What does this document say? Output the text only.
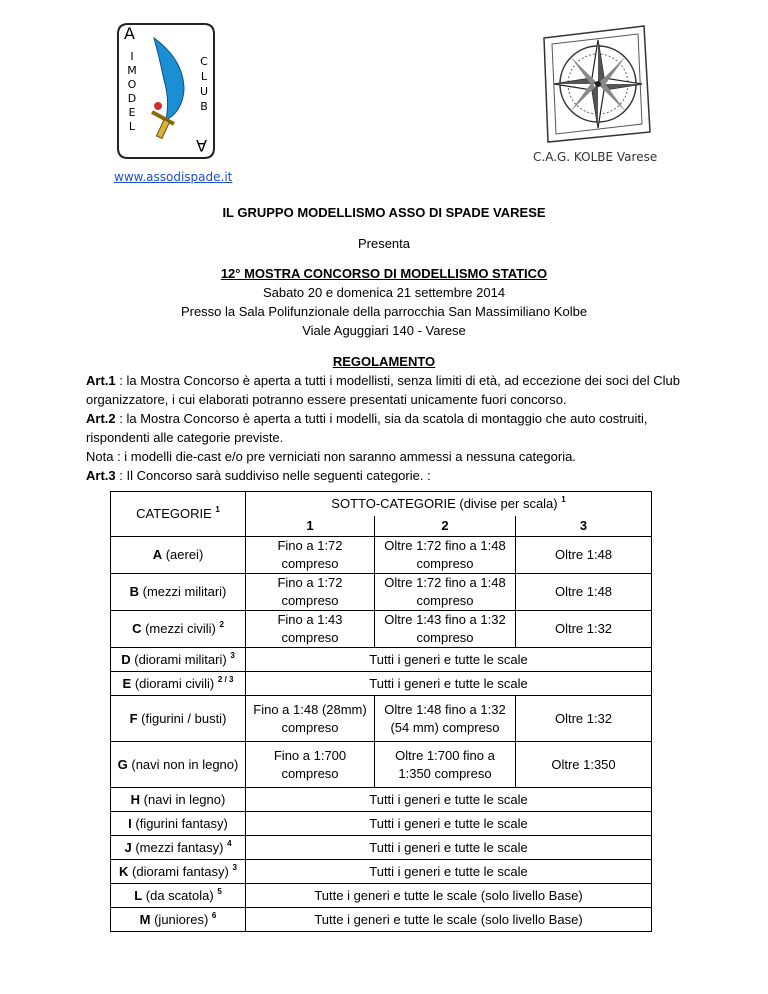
A
A
I
M
O
D
E
L
C
L
U
B
C.A.G. KOLBE Varese
www.assodispade.it
IL GRUPPO MODELLISMO ASSO DI SPADE VARESE
Presenta
12° MOSTRA CONCORSO DI MODELLISMO STATICO
Sabato 20 e domenica 21 settembre 2014
Presso la Sala Polifunzionale della parrocchia San Massimiliano Kolbe
Viale Aguggiari 140 - Varese
REGOLAMENTO
Art.1 : la Mostra Concorso è aperta a tutti i modellisti, senza limiti di età, ad eccezione dei soci del Club organizzatore, i cui elaborati potranno essere presentati unicamente fuori concorso.
Art.2 : la Mostra Concorso è aperta a tutti i modelli, sia da scatola di montaggio che auto costruiti, rispondenti alle categorie previste.
Nota : i modelli die-cast e/o pre verniciati non saranno ammessi a nessuna categoria.
Art.3 : Il Concorso sarà suddiviso nelle seguenti categorie. :
CATEGORIE $^1$	SOTTO-CATEGORIE (divise per scala) $^1$
	1	2	3
A (aerei)	Fino a 1:72 compreso	Oltre 1:72 fino a 1:48 compreso	Oltre 1:48
B (mezzi militari)	Fino a 1:72 compreso	Oltre 1:72 fino a 1:48 compreso	Oltre 1:48
C (mezzi civili) $^2$	Fino a 1:43 compreso	Oltre 1:43 fino a 1:32 compreso	Oltre 1:32
D (diorami militari) $^3$	Tutti i generi e tutte le scale		
E (diorami civili) $^{2 / 3}$	Tutti i generi e tutte le scale		
F (figurini / busti)	Fino a 1:48 (28mm) compreso	Oltre 1:48 fino a 1:32 (54 mm) compreso	Oltre 1:32
G (navi non in legno)	Fino a 1:700 compreso	Oltre 1:700 fino a 1:350 compreso	Oltre 1:350
H (navi in legno)	Tutti i generi e tutte le scale		
I (figurini fantasy)	Tutti i generi e tutte le scale		
J (mezzi fantasy) $^4$	Tutti i generi e tutte le scale		
K (diorami fantasy) $^3$	Tutti i generi e tutte le scale		
L (da scatola) $^5$	Tutte i generi e tutte le scale (solo livello Base)		
M (juniores) $^6$	Tutte i generi e tutte le scale (solo livello Base)		
